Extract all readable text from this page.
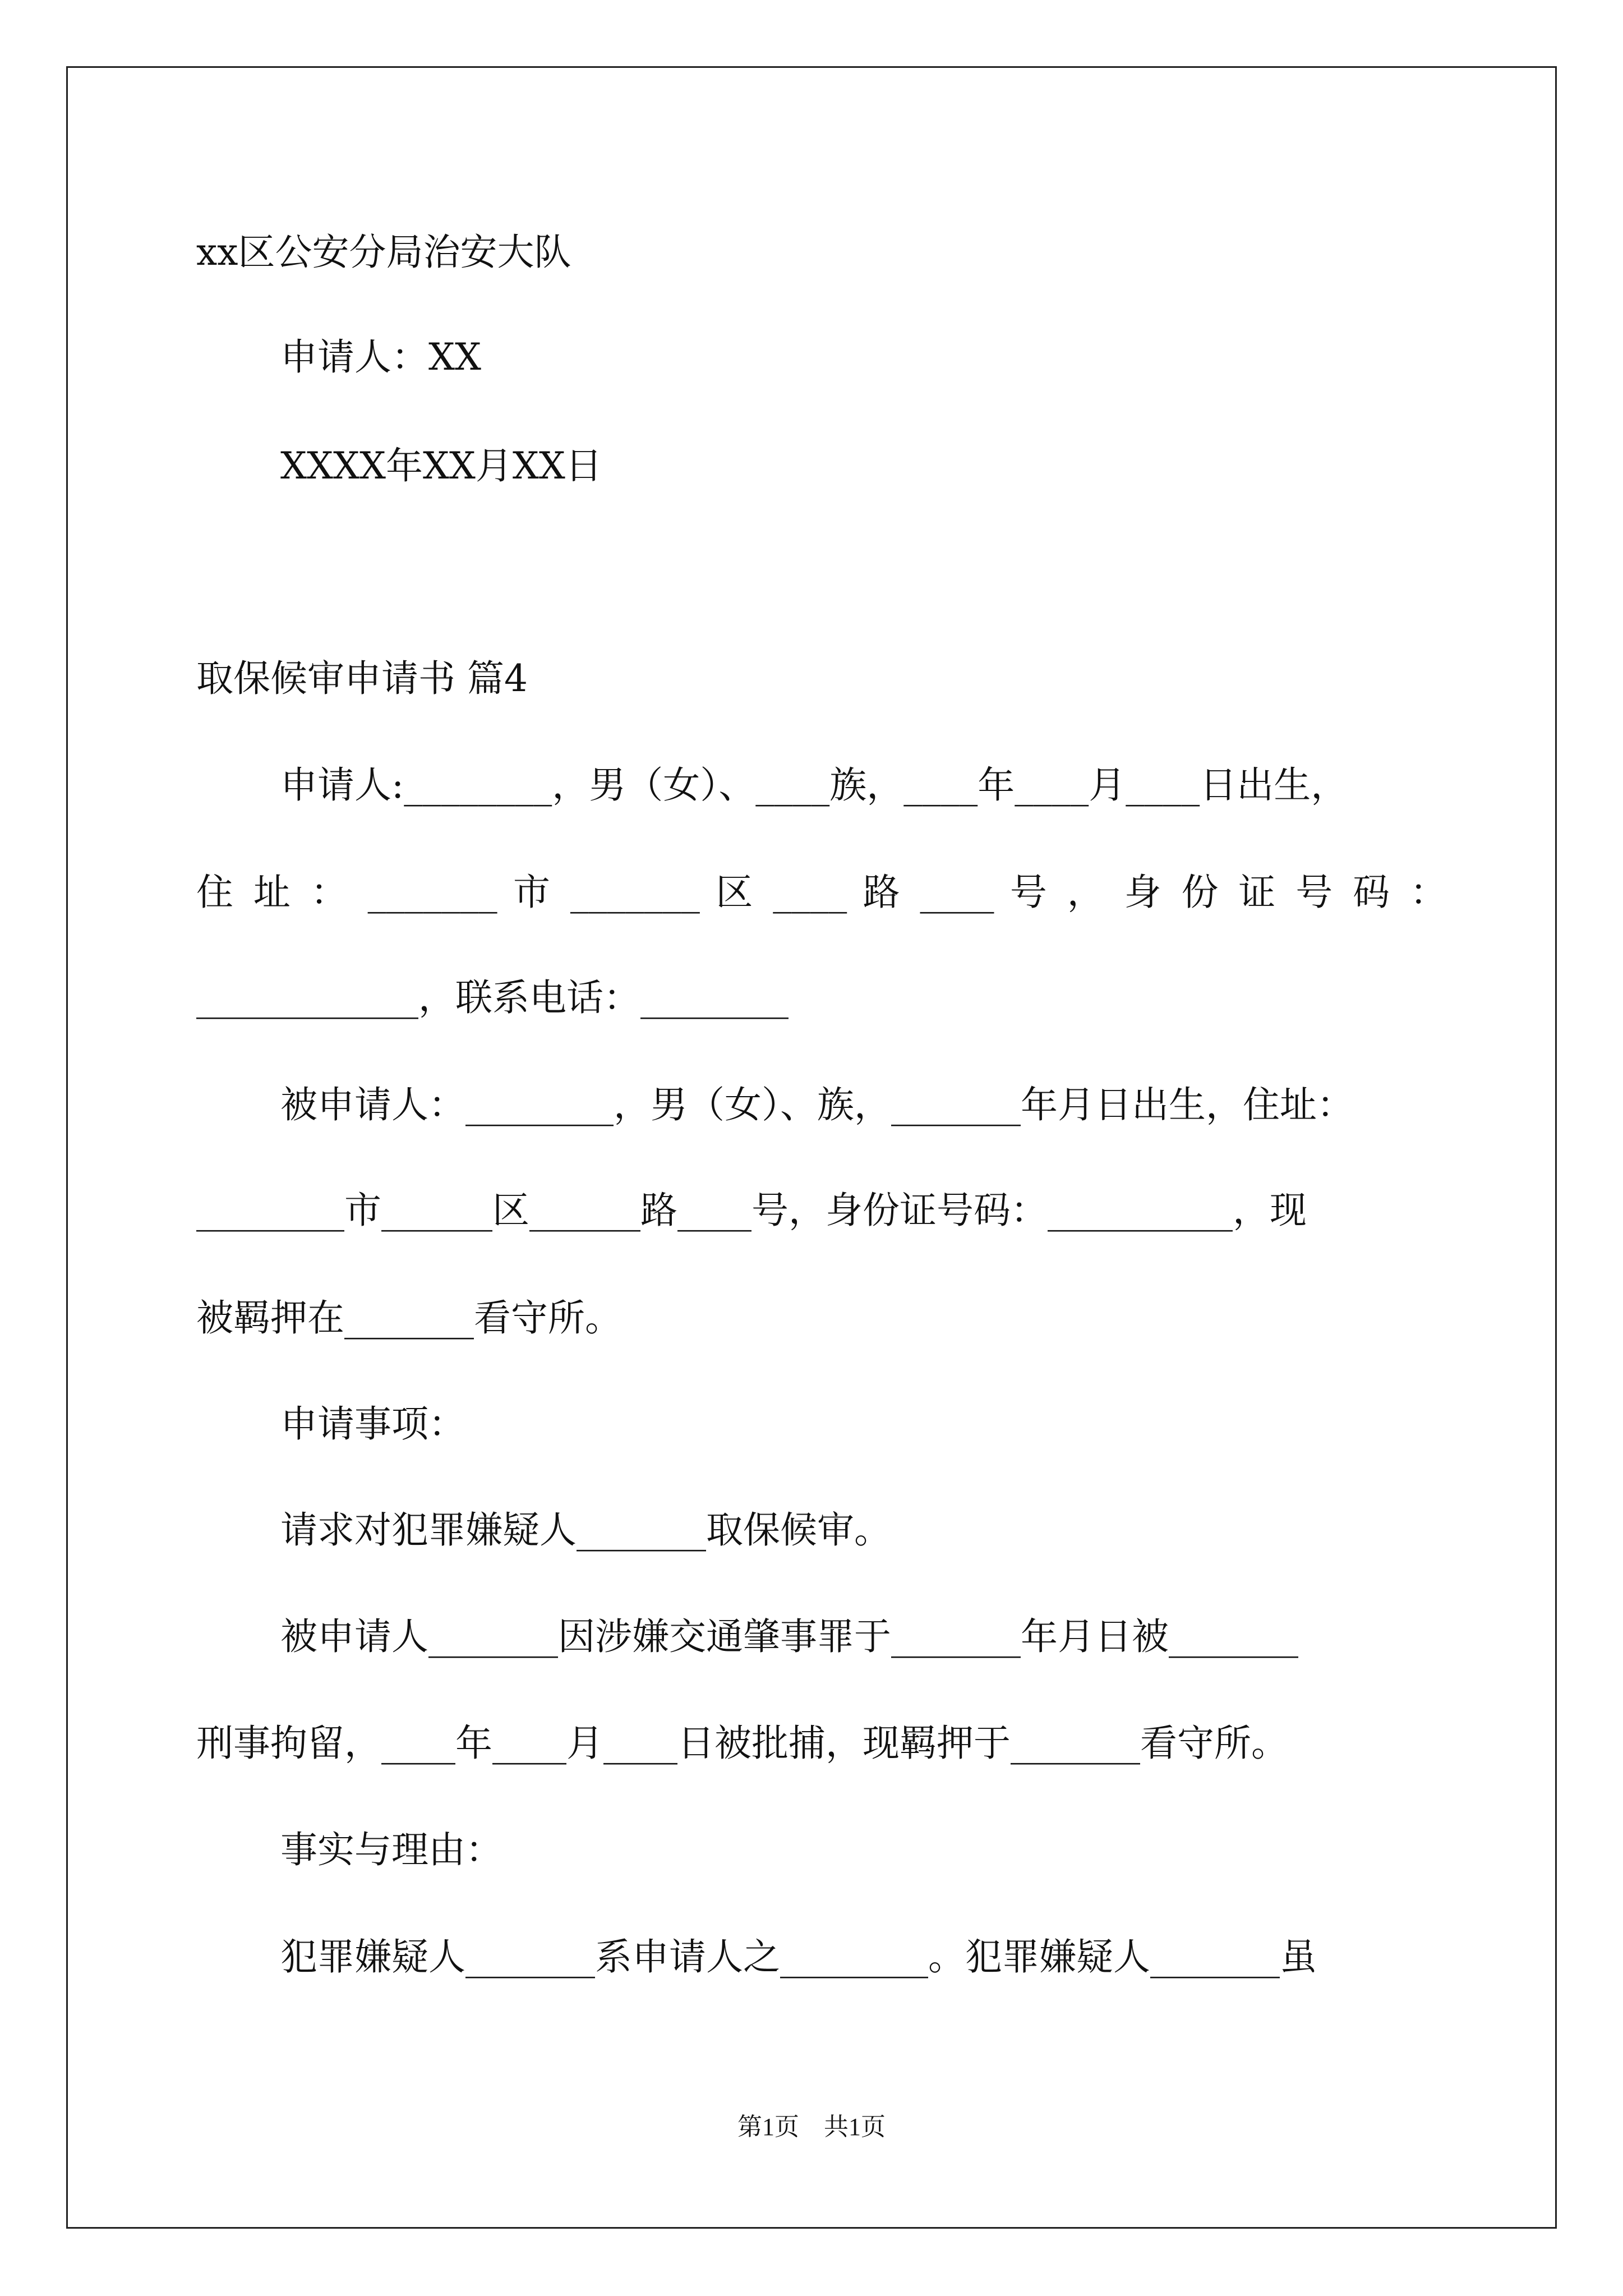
xx区公安分局治安大队

申请人：XX

XXXX年XX月XX日

取保候审申请书 篇4

申请人:________，男（女）、____族，____年____月____日出生，

住 址 ： _______ 市 _______ 区 ____ 路 ____ 号 ， 身 份 证 号 码 ：

____________，联系电话：________

被申请人：________，男（女）、族，_______年月日出生，住址：

________市______区______路____号，身份证号码：__________，现

被羁押在_______看守所。

申请事项：

请求对犯罪嫌疑人_______取保候审。

被申请人_______因涉嫌交通肇事罪于_______年月日被_______

刑事拘留，____年____月____日被批捕，现羁押于_______看守所。

事实与理由：

犯罪嫌疑人_______系申请人之________。犯罪嫌疑人_______虽

第1页　共1页
